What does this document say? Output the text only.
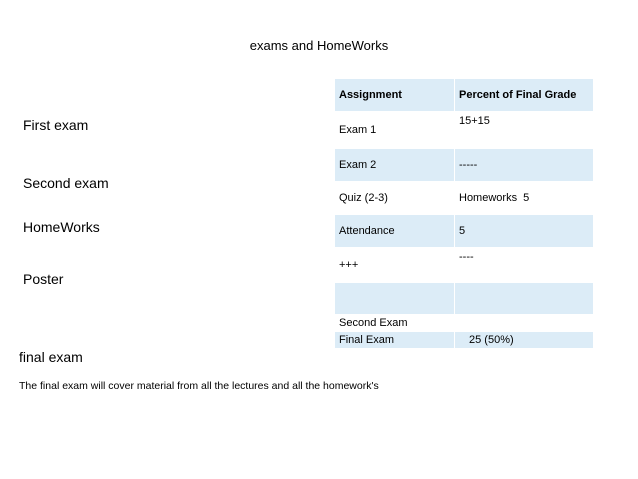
exams and HomeWorks
First exam
Second exam
HomeWorks
Poster
final exam
Assignment	Percent of Final Grade
Exam 1	15+15
Exam 2	-----
Quiz (2-3)	Homeworks  5
Attendance	5
+++	----

Second Exam	
Final Exam	25 (50%)
The final exam will cover material from all the lectures and all the homework's
